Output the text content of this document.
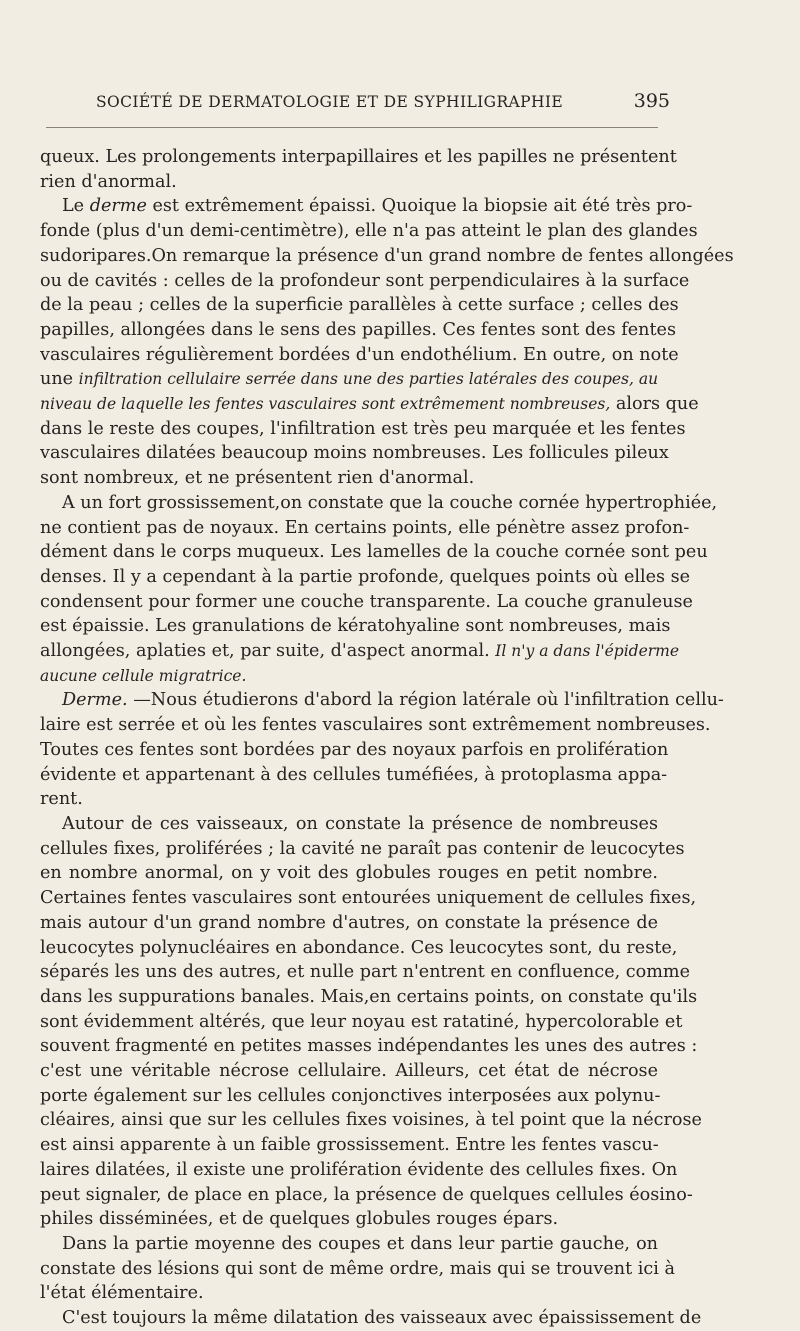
SOCIÉTÉ DE DERMATOLOGIE ET DE SYPHILIGRAPHIE	395

queux. Les prolongements interpapillaires et les papilles ne présentent
rien d'anormal.

Le derme est extrêmement épaissi. Quoique la biopsie ait été très pro-
fonde (plus d'un demi-centimètre), elle n'a pas atteint le plan des glandes
sudoripares.On remarque la présence d'un grand nombre de fentes allongées
ou de cavités : celles de la profondeur sont perpendiculaires à la surface
de la peau ; celles de la superficie parallèles à cette surface ; celles des
papilles, allongées dans le sens des papilles. Ces fentes sont des fentes
vasculaires régulièrement bordées d'un endothélium. En outre, on note
une infiltration cellulaire serrée dans une des parties latérales des coupes, au
niveau de laquelle les fentes vasculaires sont extrêmement nombreuses, alors que
dans le reste des coupes, l'infiltration est très peu marquée et les fentes
vasculaires dilatées beaucoup moins nombreuses. Les follicules pileux
sont nombreux, et ne présentent rien d'anormal.

A un fort grossissement,on constate que la couche cornée hypertrophiée,
ne contient pas de noyaux. En certains points, elle pénètre assez profon-
dément dans le corps muqueux. Les lamelles de la couche cornée sont peu
denses. Il y a cependant à la partie profonde, quelques points où elles se
condensent pour former une couche transparente. La couche granuleuse
est épaissie. Les granulations de kératohyaline sont nombreuses, mais
allongées, aplaties et, par suite, d'aspect anormal. Il n'y a dans l'épiderme
aucune cellule migratrice.

Derme. —Nous étudierons d'abord la région latérale où l'infiltration cellu-
laire est serrée et où les fentes vasculaires sont extrêmement nombreuses.
Toutes ces fentes sont bordées par des noyaux parfois en prolifération
évidente et appartenant à des cellules tuméfiées, à protoplasma appa-
rent.

Autour de ces vaisseaux, on constate la présence de nombreuses
cellules fixes, proliférées ; la cavité ne paraît pas contenir de leucocytes
en nombre anormal, on y voit des globules rouges en petit nombre.
Certaines fentes vasculaires sont entourées uniquement de cellules fixes,
mais autour d'un grand nombre d'autres, on constate la présence de
leucocytes polynucléaires en abondance. Ces leucocytes sont, du reste,
séparés les uns des autres, et nulle part n'entrent en confluence, comme
dans les suppurations banales. Mais,en certains points, on constate qu'ils
sont évidemment altérés, que leur noyau est ratatiné, hypercolorable et
souvent fragmenté en petites masses indépendantes les unes des autres :
c'est une véritable nécrose cellulaire. Ailleurs, cet état de nécrose
porte également sur les cellules conjonctives interposées aux polynu-
cléaires, ainsi que sur les cellules fixes voisines, à tel point que la nécrose
est ainsi apparente à un faible grossissement. Entre les fentes vascu-
laires dilatées, il existe une prolifération évidente des cellules fixes. On
peut signaler, de place en place, la présence de quelques cellules éosino-
philes disséminées, et de quelques globules rouges épars.

Dans la partie moyenne des coupes et dans leur partie gauche, on
constate des lésions qui sont de même ordre, mais qui se trouvent ici à
l'état élémentaire.

C'est toujours la même dilatation des vaisseaux avec épaississement de
